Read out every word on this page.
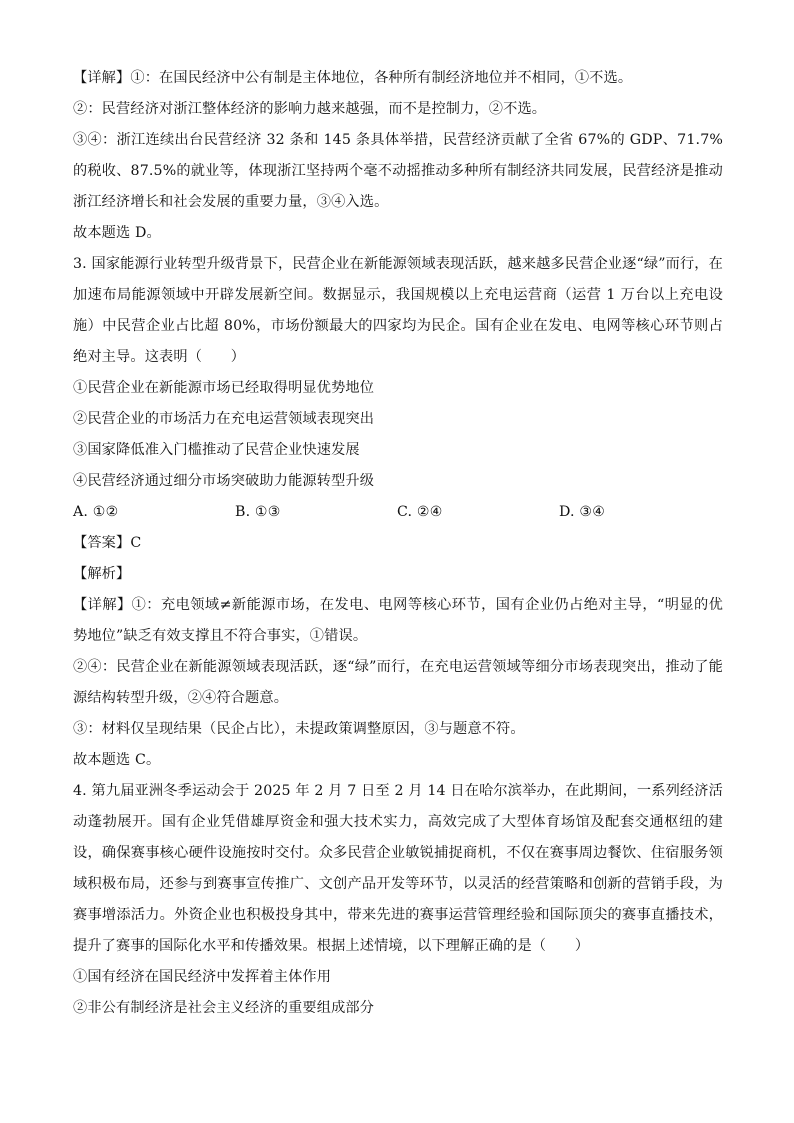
【详解】①：在国民经济中公有制是主体地位，各种所有制经济地位并不相同，①不选。

②：民营经济对浙江整体经济的影响力越来越强，而不是控制力，②不选。

③④：浙江连续出台民营经济 32 条和 145 条具体举措，民营经济贡献了全省 67%的 GDP、71.7%的税收、87.5%的就业等，体现浙江坚持两个毫不动摇推动多种所有制经济共同发展，民营经济是推动浙江经济增长和社会发展的重要力量，③④入选。

故本题选 D。

3. 国家能源行业转型升级背景下，民营企业在新能源领域表现活跃，越来越多民营企业逐“绿”而行，在加速布局能源领域中开辟发展新空间。数据显示，我国规模以上充电运营商（运营 1 万台以上充电设施）中民营企业占比超 80%，市场份额最大的四家均为民企。国有企业在发电、电网等核心环节则占绝对主导。这表明（　　）

①民营企业在新能源市场已经取得明显优势地位

②民营企业的市场活力在充电运营领域表现突出

③国家降低准入门槛推动了民营企业快速发展

④民营经济通过细分市场突破助力能源转型升级

A. ①②	B. ①③	C. ②④	D. ③④

【答案】C

【解析】

【详解】①：充电领域≠新能源市场，在发电、电网等核心环节，国有企业仍占绝对主导，“明显的优势地位”缺乏有效支撑且不符合事实，①错误。

②④：民营企业在新能源领域表现活跃，逐“绿”而行，在充电运营领域等细分市场表现突出，推动了能源结构转型升级，②④符合题意。

③：材料仅呈现结果（民企占比），未提政策调整原因，③与题意不符。

故本题选 C。

4. 第九届亚洲冬季运动会于 2025 年 2 月 7 日至 2 月 14 日在哈尔滨举办，在此期间，一系列经济活动蓬勃展开。国有企业凭借雄厚资金和强大技术实力，高效完成了大型体育场馆及配套交通枢纽的建设，确保赛事核心硬件设施按时交付。众多民营企业敏锐捕捉商机，不仅在赛事周边餐饮、住宿服务领域积极布局，还参与到赛事宣传推广、文创产品开发等环节，以灵活的经营策略和创新的营销手段，为赛事增添活力。外资企业也积极投身其中，带来先进的赛事运营管理经验和国际顶尖的赛事直播技术，提升了赛事的国际化水平和传播效果。根据上述情境，以下理解正确的是（　　）

①国有经济在国民经济中发挥着主体作用

②非公有制经济是社会主义经济的重要组成部分
